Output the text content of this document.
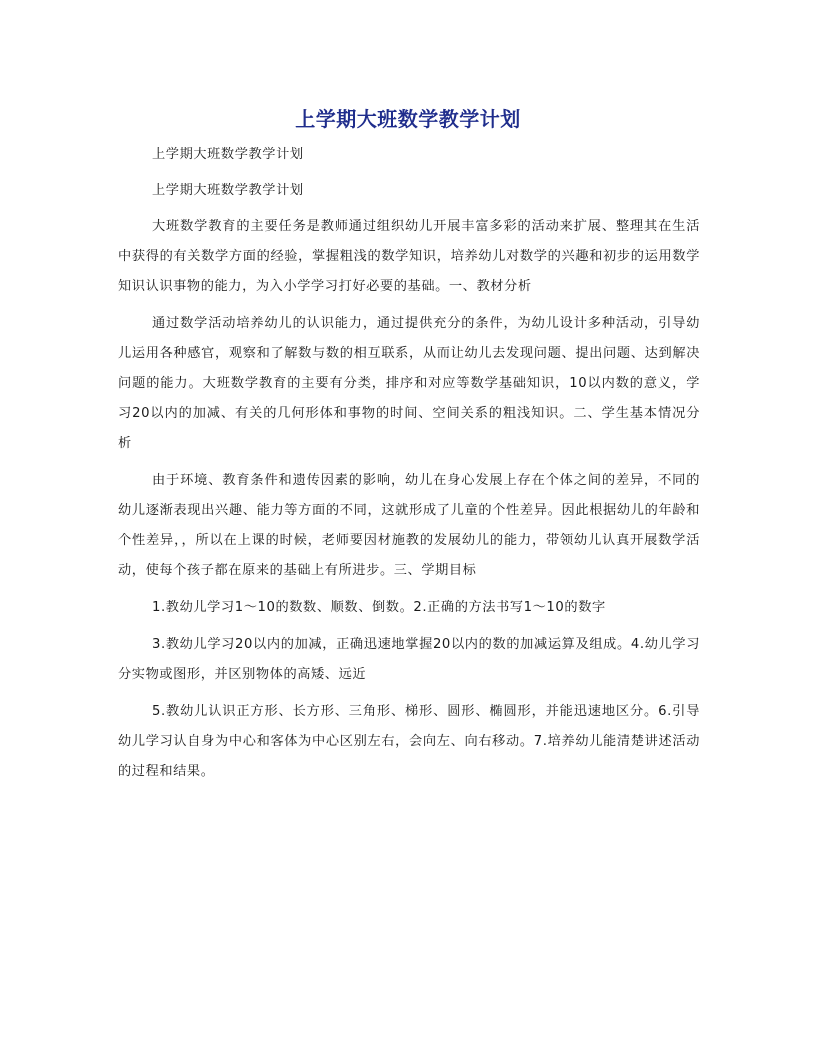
上学期大班数学教学计划

上学期大班数学教学计划

上学期大班数学教学计划

大班数学教育的主要任务是教师通过组织幼儿开展丰富多彩的活动来扩展、整理其在生活中获得的有关数学方面的经验，掌握粗浅的数学知识，培养幼儿对数学的兴趣和初步的运用数学知识认识事物的能力，为入小学学习打好必要的基础。一、教材分析

通过数学活动培养幼儿的认识能力，通过提供充分的条件，为幼儿设计多种活动，引导幼儿运用各种感官，观察和了解数与数的相互联系，从而让幼儿去发现问题、提出问题、达到解决问题的能力。大班数学教育的主要有分类，排序和对应等数学基础知识，10以内数的意义，学习20以内的加减、有关的几何形体和事物的时间、空间关系的粗浅知识。二、学生基本情况分析

由于环境、教育条件和遗传因素的影响，幼儿在身心发展上存在个体之间的差异，不同的幼儿逐渐表现出兴趣、能力等方面的不同，这就形成了儿童的个性差异。因此根据幼儿的年龄和个性差异，，所以在上课的时候，老师要因材施教的发展幼儿的能力，带领幼儿认真开展数学活动，使每个孩子都在原来的基础上有所进步。三、学期目标

1.教幼儿学习1～10的数数、顺数、倒数。2.正确的方法书写1～10的数字

3.教幼儿学习20以内的加减，正确迅速地掌握20以内的数的加减运算及组成。4.幼儿学习分实物或图形，并区别物体的高矮、远近

5.教幼儿认识正方形、长方形、三角形、梯形、圆形、椭圆形，并能迅速地区分。6.引导幼儿学习认自身为中心和客体为中心区别左右，会向左、向右移动。7.培养幼儿能清楚讲述活动的过程和结果。
